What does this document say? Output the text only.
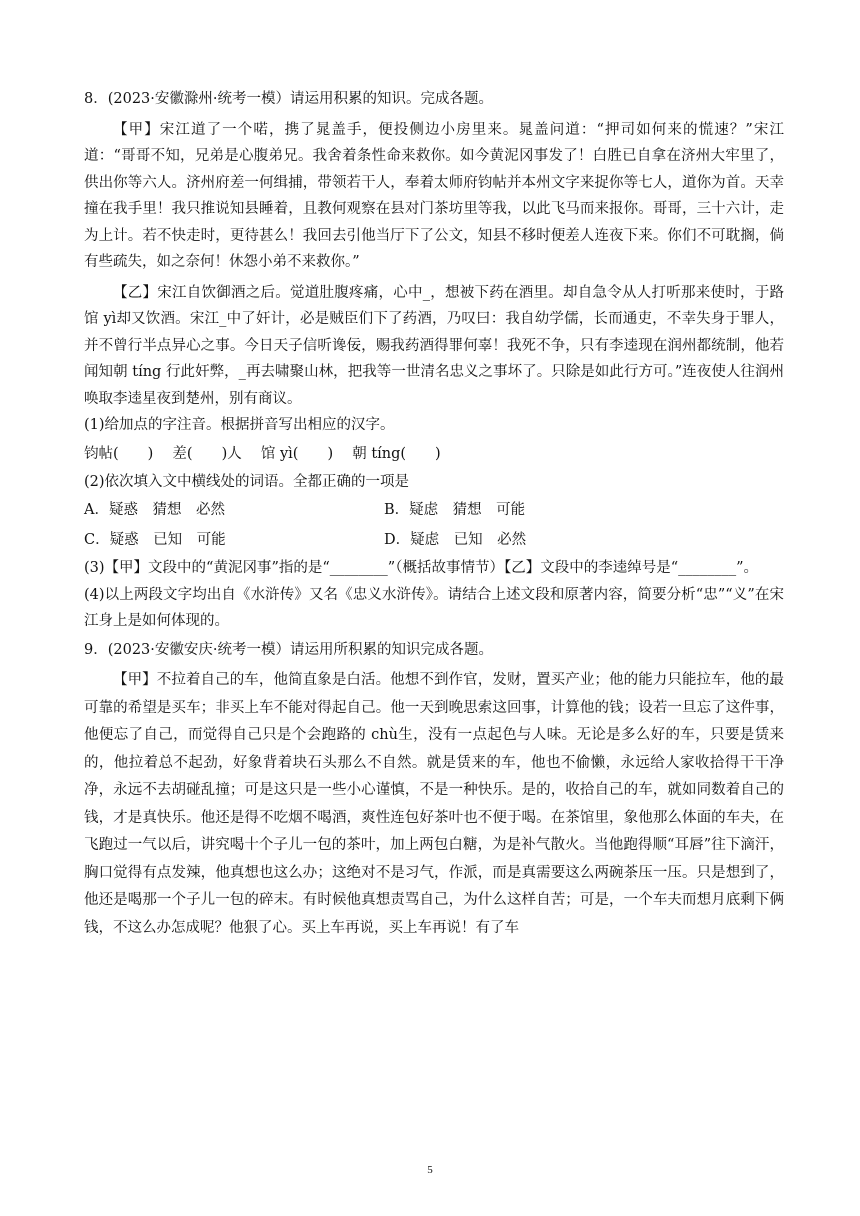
8．(2023·安徽滁州·统考一模）请运用积累的知识。完成各题。

【甲】宋江道了一个喏，携了晁盖手，便投侧边小房里来。晁盖问道：“押司如何来的慌速？”宋江道：“哥哥不知，兄弟是心腹弟兄。我舍着条性命来救你。如今黄泥冈事发了！白胜已自拿在济州大牢里了，供出你等六人。济州府差一何缉捕，带领若干人，奉着太师府钧帖并本州文字来捉你等七人，道你为首。天幸撞在我手里！我只推说知县睡着，且教何观察在县对门茶坊里等我，以此飞马而来报你。哥哥，三十六计，走为上计。若不快走时，更待甚么！我回去引他当厅下了公文，知县不移时便差人连夜下来。你们不可耽搁，倘有些疏失，如之奈何！休怨小弟不来救你。”

【乙】宋江自饮御酒之后。觉道肚腹疼痛，心中_，想被下药在酒里。却自急令从人打听那来使时，于路馆 yì却又饮酒。宋江_中了奸计，必是贼臣们下了药酒，乃叹曰：我自幼学儒，长而通吏，不幸失身于罪人，并不曾行半点异心之事。今日天子信听谗佞，赐我药酒得罪何辜！我死不争，只有李逵现在润州都统制，他若闻知朝 tíng 行此奸弊，_再去啸聚山林，把我等一世清名忠义之事坏了。只除是如此行方可。”连夜使人往润州唤取李逵星夜到楚州，别有商议。

(1)给加点的字注音。根据拼音写出相应的汉字。

钧帖(　　)　 差(　　)人　 馆 yì(　　)　 朝 tíng(　　)

(2)依次填入文中横线处的词语。全都正确的一项是

A．疑惑　猜想　必然	B．疑虑　猜想　可能
C．疑惑　已知　可能	D．疑虑　已知　必然

(3)【甲】文段中的“黄泥冈事”指的是“________”（概括故事情节）【乙】文段中的李逵绰号是“________”。

(4)以上两段文字均出自《水浒传》又名《忠义水浒传》。请结合上述文段和原著内容，简要分析“忠”“义”在宋江身上是如何体现的。

9．(2023·安徽安庆·统考一模）请运用所积累的知识完成各题。

【甲】不拉着自己的车，他简直象是白活。他想不到作官，发财，置买产业；他的能力只能拉车，他的最可靠的希望是买车；非买上车不能对得起自己。他一天到晚思索这回事，计算他的钱；设若一旦忘了这件事，他便忘了自己，而觉得自己只是个会跑路的 chù生，没有一点起色与人味。无论是多么好的车，只要是赁来的，他拉着总不起劲，好象背着块石头那么不自然。就是赁来的车，他也不偷懒，永远给人家收拾得干干净净，永远不去胡碰乱撞；可是这只是一些小心谨慎，不是一种快乐。是的，收拾自己的车，就如同数着自己的钱，才是真快乐。他还是得不吃烟不喝酒，爽性连包好茶叶也不便于喝。在茶馆里，象他那么体面的车夫，在飞跑过一气以后，讲究喝十个子儿一包的茶叶，加上两包白糖，为是补气散火。当他跑得顺“耳唇”往下滴汗，胸口觉得有点发辣，他真想也这么办；这绝对不是习气，作派，而是真需要这么两碗茶压一压。只是想到了，他还是喝那一个子儿一包的碎末。有时候他真想责骂自己，为什么这样自苦；可是，一个车夫而想月底剩下俩钱，不这么办怎成呢？他狠了心。买上车再说，买上车再说！有了车

5
